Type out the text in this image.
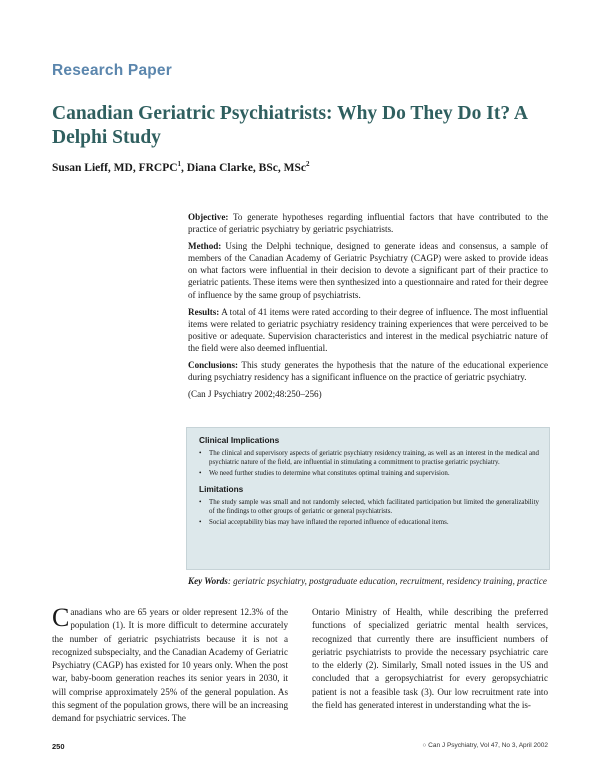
Research Paper
Canadian Geriatric Psychiatrists: Why Do They Do It? A Delphi Study
Susan Lieff, MD, FRCPC$^1$, Diana Clarke, BSc, MSc$^2$

Objective: To generate hypotheses regarding influential factors that have contributed to the practice of geriatric psychiatry by geriatric psychiatrists.

Method: Using the Delphi technique, designed to generate ideas and consensus, a sample of members of the Canadian Academy of Geriatric Psychiatry (CAGP) were asked to provide ideas on what factors were influential in their decision to devote a significant part of their practice to geriatric patients. These items were then synthesized into a questionnaire and rated for their degree of influence by the same group of psychiatrists.

Results: A total of 41 items were rated according to their degree of influence. The most influential items were related to geriatric psychiatry residency training experiences that were perceived to be positive or adequate. Supervision characteristics and interest in the medical psychiatric nature of the field were also deemed influential.

Conclusions: This study generates the hypothesis that the nature of the educational experience during psychiatry residency has a significant influence on the practice of geriatric psychiatry.

(Can J Psychiatry 2002;48:250–256)

Clinical Implications
• The clinical and supervisory aspects of geriatric psychiatry residency training, as well as an interest in the medical and psychiatric nature of the field, are influential in stimulating a commitment to practise geriatric psychiatry.
• We need further studies to determine what constitutes optimal training and supervision.
Limitations
• The study sample was small and not randomly selected, which facilitated participation but limited the generalizability of the findings to other groups of geriatric or general psychiatrists.
• Social acceptability bias may have inflated the reported influence of educational items.
Key Words: geriatric psychiatry, postgraduate education, recruitment, residency training, practice
Canadians who are 65 years or older represent 12.3% of the population (1). It is more difficult to determine accurately the number of geriatric psychiatrists because it is not a recognized subspecialty, and the Canadian Academy of Geriatric Psychiatry (CAGP) has existed for 10 years only. When the post war, baby-boom generation reaches its senior years in 2030, it will comprise approximately 25% of the general population. As this segment of the population grows, there will be an increasing demand for psychiatric services. The
Ontario Ministry of Health, while describing the preferred functions of specialized geriatric mental health services, recognized that currently there are insufficient numbers of geriatric psychiatrists to provide the necessary psychiatric care to the elderly (2). Similarly, Small noted issues in the US and concluded that a geropsychiatrist for every geropsychiatric patient is not a feasible task (3). Our low recruitment rate into the field has generated interest in understanding what the is-
250	○ Can J Psychiatry, Vol 47, No 3, April 2002
